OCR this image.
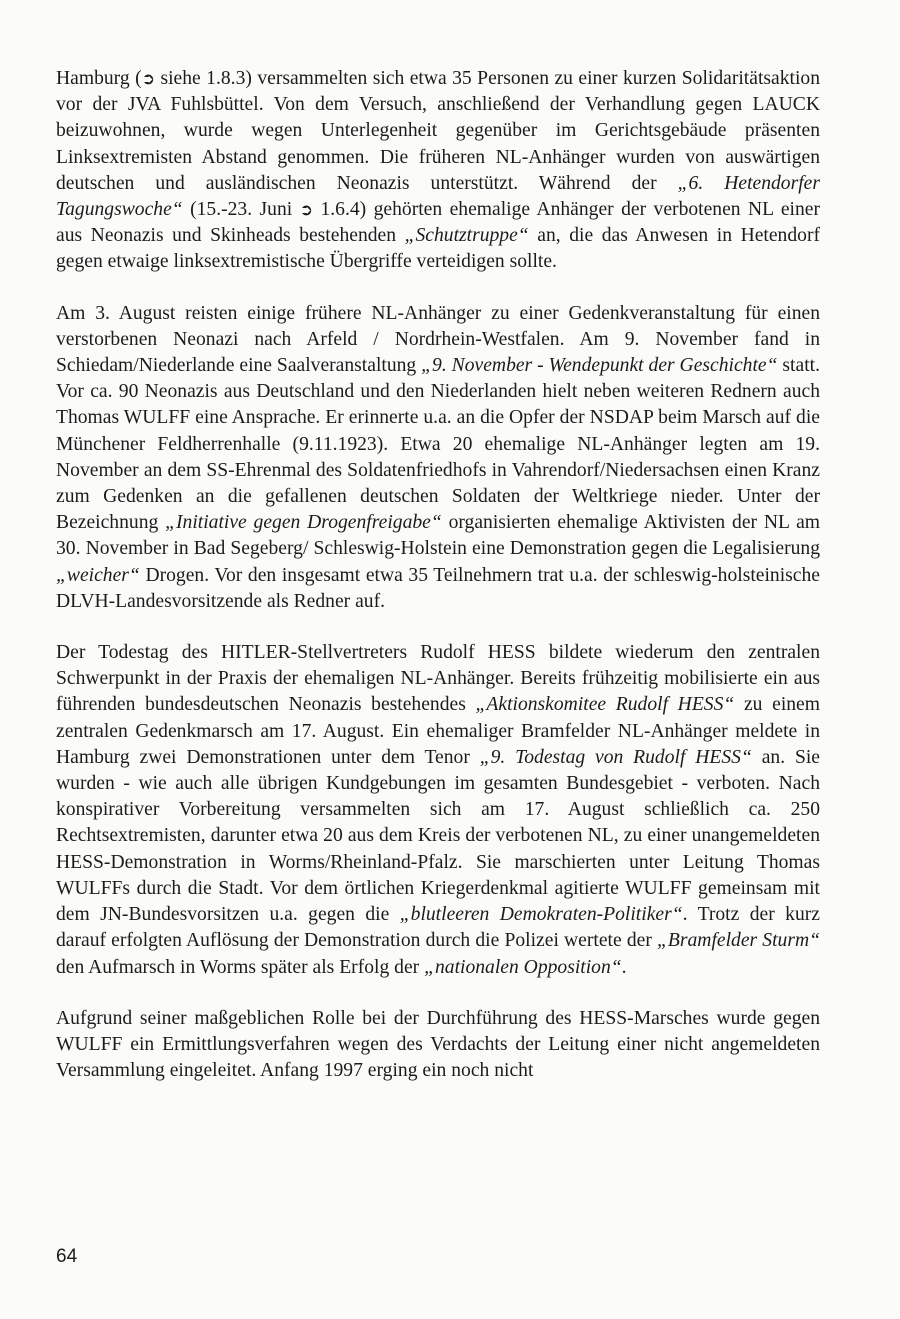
Hamburg (➲ siehe 1.8.3) versammelten sich etwa 35 Personen zu einer kurzen Solidaritätsaktion vor der JVA Fuhlsbüttel. Von dem Versuch, anschließend der Verhandlung gegen LAUCK beizuwohnen, wurde wegen Unterlegenheit gegenüber im Gerichtsgebäude präsenten Linksextremisten Abstand genommen. Die früheren NL-Anhänger wurden von auswärtigen deutschen und ausländischen Neonazis unterstützt. Während der „6. Hetendorfer Tagungswoche“ (15.-23. Juni ➲ 1.6.4) gehörten ehemalige Anhänger der verbotenen NL einer aus Neonazis und Skinheads bestehenden „Schutztruppe“ an, die das Anwesen in Hetendorf gegen etwaige linksextremistische Übergriffe verteidigen sollte.

Am 3. August reisten einige frühere NL-Anhänger zu einer Gedenkveranstaltung für einen verstorbenen Neonazi nach Arfeld / Nordrhein-Westfalen. Am 9. November fand in Schiedam/Niederlande eine Saalveranstaltung „9. November - Wendepunkt der Geschichte“ statt. Vor ca. 90 Neonazis aus Deutschland und den Niederlanden hielt neben weiteren Rednern auch Thomas WULFF eine Ansprache. Er erinnerte u.a. an die Opfer der NSDAP beim Marsch auf die Münchener Feldherrenhalle (9.11.1923). Etwa 20 ehemalige NL-Anhänger legten am 19. November an dem SS-Ehrenmal des Soldatenfriedhofs in Vahrendorf/Niedersachsen einen Kranz zum Gedenken an die gefallenen deutschen Soldaten der Weltkriege nieder. Unter der Bezeichnung „Initiative gegen Drogenfreigabe“ organisierten ehemalige Aktivisten der NL am 30. November in Bad Segeberg/ Schleswig-Holstein eine Demonstration gegen die Legalisierung „weicher“ Drogen. Vor den insgesamt etwa 35 Teilnehmern trat u.a. der schleswig-holsteinische DLVH-Landesvorsitzende als Redner auf.

Der Todestag des HITLER-Stellvertreters Rudolf HESS bildete wiederum den zentralen Schwerpunkt in der Praxis der ehemaligen NL-Anhänger. Bereits frühzeitig mobilisierte ein aus führenden bundesdeutschen Neonazis bestehendes „Aktionskomitee Rudolf HESS“ zu einem zentralen Gedenkmarsch am 17. August. Ein ehemaliger Bramfelder NL-Anhänger meldete in Hamburg zwei Demonstrationen unter dem Tenor „9. Todestag von Rudolf HESS“ an. Sie wurden - wie auch alle übrigen Kundgebungen im gesamten Bundesgebiet - verboten. Nach konspirativer Vorbereitung versammelten sich am 17. August schließlich ca. 250 Rechtsextremisten, darunter etwa 20 aus dem Kreis der verbotenen NL, zu einer unangemeldeten HESS-Demonstration in Worms/Rheinland-Pfalz. Sie marschierten unter Leitung Thomas WULFFs durch die Stadt. Vor dem örtlichen Kriegerdenkmal agitierte WULFF gemeinsam mit dem JN-Bundesvorsitzen u.a. gegen die „blutleeren Demokraten-Politiker“. Trotz der kurz darauf erfolgten Auflösung der Demonstration durch die Polizei wertete der „Bramfelder Sturm“ den Aufmarsch in Worms später als Erfolg der „nationalen Opposition“.

Aufgrund seiner maßgeblichen Rolle bei der Durchführung des HESS-Marsches wurde gegen WULFF ein Ermittlungsverfahren wegen des Verdachts der Leitung einer nicht angemeldeten Versammlung eingeleitet. Anfang 1997 erging ein noch nicht

64
